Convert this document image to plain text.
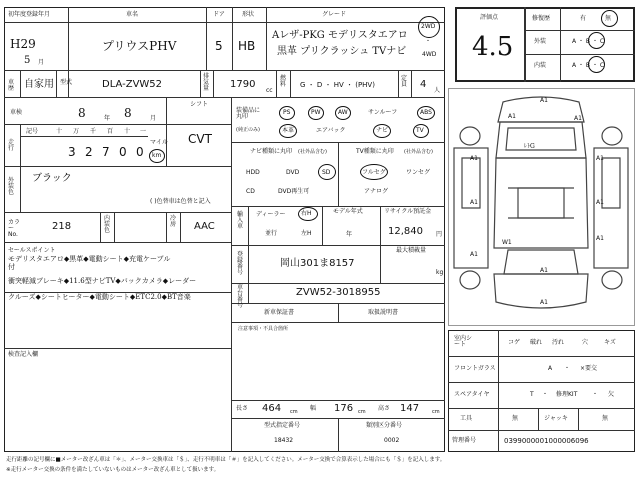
初年度登録年月
H29
5 月
車名
プリウスPHV
ドア
5
形状
HB
グレード
Aレザ-PKG モデリスタエアロ
黒革 プリクラッシュ TVナビ
2WD
・
4WD
車歴 自家用 型式	DLA-ZVW52
排気量 1790
cc
燃料 G ・ D ・ HV ・ (PHV)
定員 4
人
車検	8	年 8	月
シフト
CVT
走行
記号	十 万 千 百 十 一
3 2 7 0 0
マイル
km
外装色
ブラック
( )色替車は色替と記入
カラー No.
218
内装色
冷房 AAC
セールスポイント
モデリスタエアロ◆黒革◆電動シート◆充電ケーブル
付
衝突軽減ブレーキ◆11.6型ナビTV◆バックカメラ◆レーダー
クルーズ◆シートヒーター◆電動シート◆ETC2.0◆BT音楽
検査記入欄
装備品に丸印
(純正のみ)
PS	PW	AW	サンルーフ	ABS
本革	エアバック	ナビ	TV
ナビ種類に丸印 (社外品含む)
HDD	DVD	SD
CD	DVD再生可
TV種類に丸印 (社外品含む)
フルセグ	ワンセグ
アナログ
輸入車
ディーラー	右H
並行	左H
モデル年式
年
リサイクル預託金
12,840 円
最大積載量
kg
登録番号
岡山301ま8157
車台番号
ZVW52-3018955
新車保証書	取扱説明書
注意事項・不具合箇所
長さ 464 cm 幅 176 cm 高さ 147	cm
型式指定番号
18432
類別区分番号
0002
評価点
4.5
修復歴	有	無
外装	A ・ B ・ C
内装	A ・ B ・ C
A1
A1	A1
A1	A1
A1	A1
A1
W1
A1
A1
A1
ﾚﾄG
室内シート	コゲ 破れ 汚れ	穴	キズ
フロントガラス	A ・ ×要交
スペアタイヤ	T ・ 修理KIT ・ 欠
工具	無	ジャッキ	無
管理番号	0399000001000006096
走行距離の記号欄に■メーター改ざん車は「＊」、メーター交換車は「＄」、走行不明車は「＃」を記入してください。メーター交換で合算表示した場合にも「＄」を記入します。
※走行メーター交換の条件を満たしていないものはメーター改ざん車として扱います。
